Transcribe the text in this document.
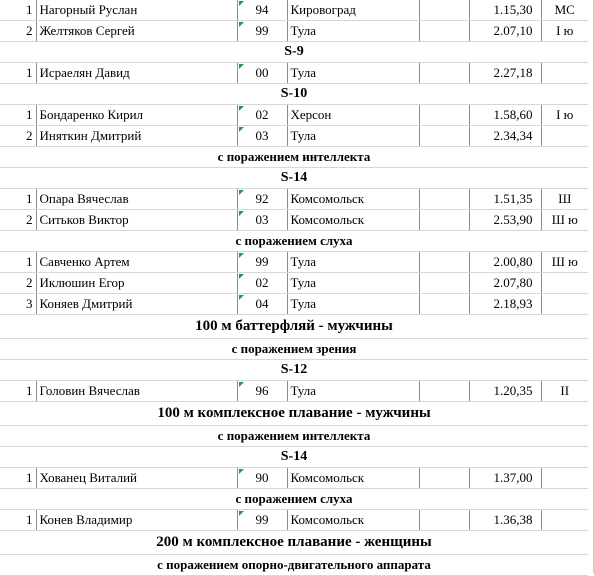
1	Нагорный Руслан	94	Кировоград		1.15,30	МС
2	Желтяков Сергей	99	Тула		2.07,10	I ю
S-9						
1	Исраелян Давид	00	Тула		2.27,18	
S-10						
1	Бондаренко Кирил	02	Херсон		1.58,60	I ю
2	Иняткин Дмитрий	03	Тула		2.34,34	
с поражением интеллекта						
S-14						
1	Опара Вячеслав	92	Комсомольск		1.51,35	Ш
2	Ситьков Виктор	03	Комсомольск		2.53,90	Ш ю
с поражением слуха						
1	Савченко Артем	99	Тула		2.00,80	Ш ю
2	Иклюшин Егор	02	Тула		2.07,80	
3	Коняев Дмитрий	04	Тула		2.18,93	
100 м баттерфляй - мужчины						
с поражением зрения						
S-12						
1	Головин Вячеслав	96	Тула		1.20,35	II
100 м комплексное плавание - мужчины						
с поражением интеллекта						
S-14						
1	Хованец Виталий	90	Комсомольск		1.37,00	
с поражением слуха						
1	Конев Владимир	99	Комсомольск		1.36,38	
200 м комплексное плавание - женщины						
с поражением опорно-двигательного аппарата						
